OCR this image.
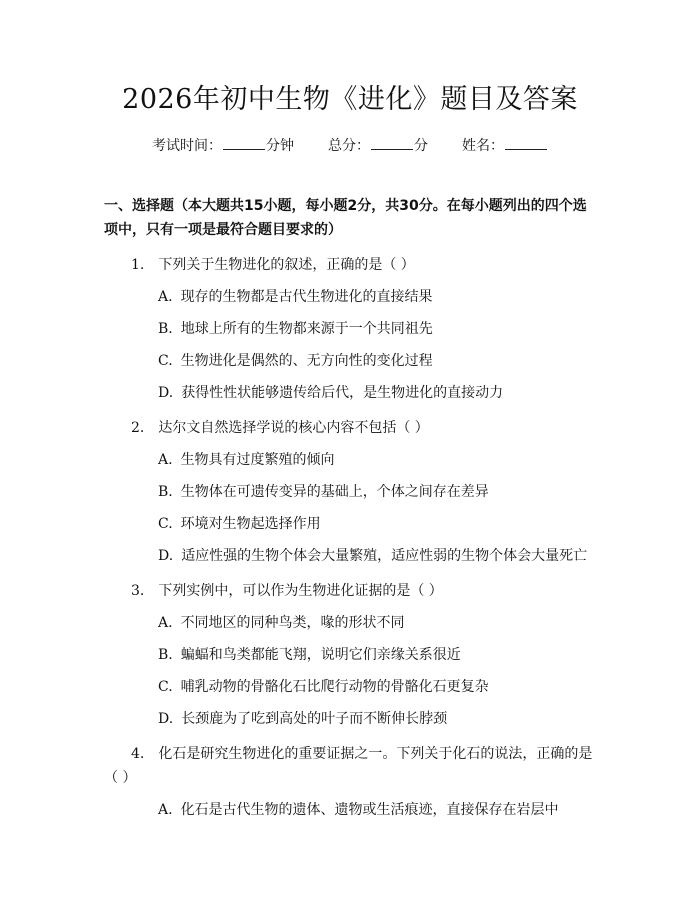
2026年初中生物《进化》题目及答案
考试时间：	分钟 总分：	分 姓名：
一、选择题（本大题共15小题，每小题2分，共30分。在每小题列出的四个选项中，只有一项是最符合题目要求的）

1. 下列关于生物进化的叙述，正确的是（ ）

A. 现存的生物都是古代生物进化的直接结果
B. 地球上所有的生物都来源于一个共同祖先
C. 生物进化是偶然的、无方向性的变化过程
D. 获得性性状能够遗传给后代，是生物进化的直接动力

2. 达尔文自然选择学说的核心内容不包括（ ）

A. 生物具有过度繁殖的倾向
B. 生物体在可遗传变异的基础上，个体之间存在差异
C. 环境对生物起选择作用
D. 适应性强的生物个体会大量繁殖，适应性弱的生物个体会大量死亡

3. 下列实例中，可以作为生物进化证据的是（ ）

A. 不同地区的同种鸟类，喙的形状不同
B. 蝙蝠和鸟类都能飞翔，说明它们亲缘关系很近
C. 哺乳动物的骨骼化石比爬行动物的骨骼化石更复杂
D. 长颈鹿为了吃到高处的叶子而不断伸长脖颈

4. 化石是研究生物进化的重要证据之一。下列关于化石的说法，正确的是（ ）

A. 化石是古代生物的遗体、遗物或生活痕迹，直接保存在岩层中
